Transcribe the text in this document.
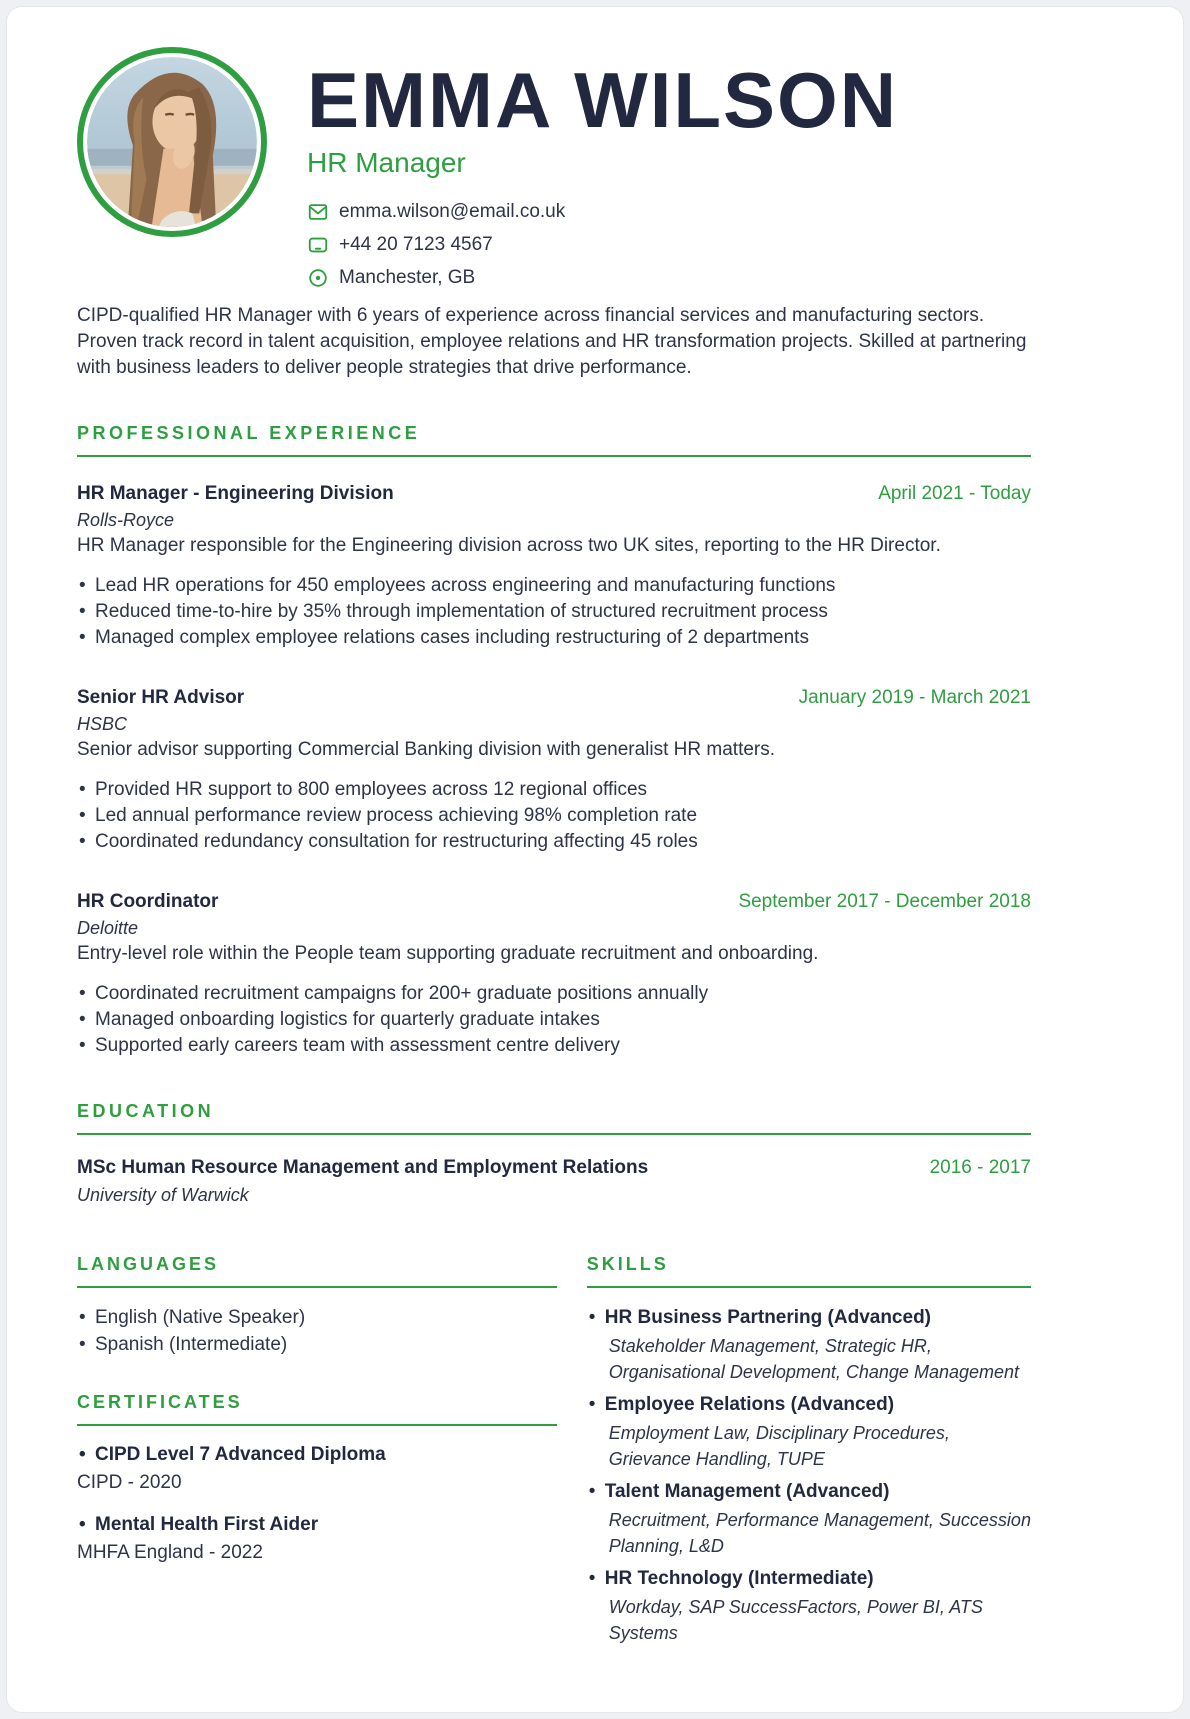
EMMA WILSON
HR Manager
emma.wilson@email.co.uk
+44 20 7123 4567
Manchester, GB

CIPD-qualified HR Manager with 6 years of experience across financial services and manufacturing sectors. Proven track record in talent acquisition, employee relations and HR transformation projects. Skilled at partnering with business leaders to deliver people strategies that drive performance.

PROFESSIONAL EXPERIENCE
HR Manager - Engineering Division	April 2021 - Today
Rolls-Royce
HR Manager responsible for the Engineering division across two UK sites, reporting to the HR Director.
• Lead HR operations for 450 employees across engineering and manufacturing functions
• Reduced time-to-hire by 35% through implementation of structured recruitment process
• Managed complex employee relations cases including restructuring of 2 departments
Senior HR Advisor	January 2019 - March 2021
HSBC
Senior advisor supporting Commercial Banking division with generalist HR matters.
• Provided HR support to 800 employees across 12 regional offices
• Led annual performance review process achieving 98% completion rate
• Coordinated redundancy consultation for restructuring affecting 45 roles
HR Coordinator	September 2017 - December 2018
Deloitte
Entry-level role within the People team supporting graduate recruitment and onboarding.
• Coordinated recruitment campaigns for 200+ graduate positions annually
• Managed onboarding logistics for quarterly graduate intakes
• Supported early careers team with assessment centre delivery
EDUCATION
MSc Human Resource Management and Employment Relations	2016 - 2017
University of Warwick
LANGUAGES
• English (Native Speaker)
• Spanish (Intermediate)
CERTIFICATES
• CIPD Level 7 Advanced Diploma
CIPD - 2020
• Mental Health First Aider
MHFA England - 2022
SKILLS
• HR Business Partnering (Advanced)
Stakeholder Management, Strategic HR, Organisational Development, Change Management
• Employee Relations (Advanced)
Employment Law, Disciplinary Procedures, Grievance Handling, TUPE
• Talent Management (Advanced)
Recruitment, Performance Management, Succession Planning, L&D
• HR Technology (Intermediate)
Workday, SAP SuccessFactors, Power BI, ATS Systems
